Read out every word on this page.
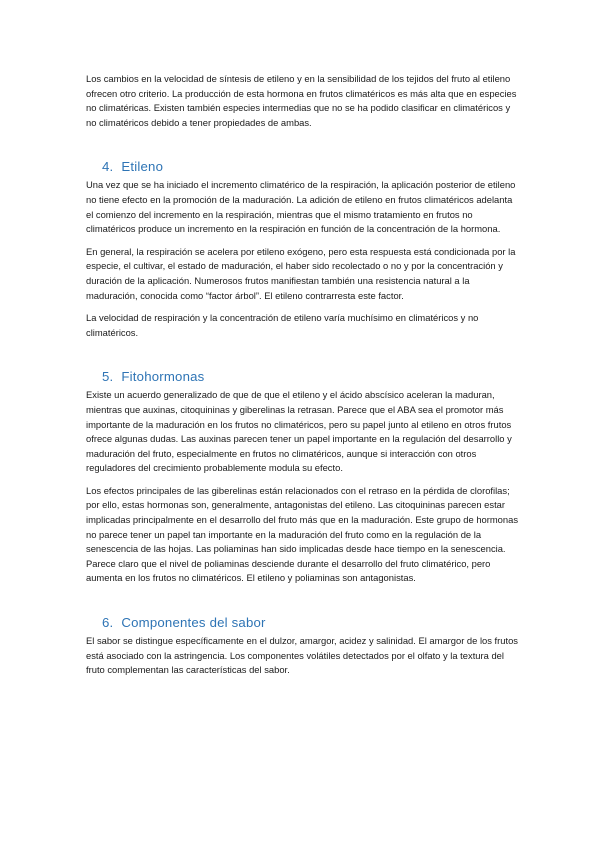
Los cambios en la velocidad de síntesis de etileno y en la sensibilidad de los tejidos del fruto al etileno ofrecen otro criterio. La producción de esta hormona en frutos climatéricos es más alta que en especies no climatéricas. Existen también especies intermedias que no se ha podido clasificar en climatéricos y no climatéricos debido a tener propiedades de ambas.

4. Etileno

Una vez que se ha iniciado el incremento climatérico de la respiración, la aplicación posterior de etileno no tiene efecto en la promoción de la maduración. La adición de etileno en frutos climatéricos adelanta el comienzo del incremento en la respiración, mientras que el mismo tratamiento en frutos no climatéricos produce un incremento en la respiración en función de la concentración de la hormona.

En general, la respiración se acelera por etileno exógeno, pero esta respuesta está condicionada por la especie, el cultivar, el estado de maduración, el haber sido recolectado o no y por la concentración y duración de la aplicación. Numerosos frutos manifiestan también una resistencia natural a la maduración, conocida como “factor árbol”. El etileno contrarresta este factor.

La velocidad de respiración y la concentración de etileno varía muchísimo en climatéricos y no climatéricos.

5. Fitohormonas

Existe un acuerdo generalizado de que de que el etileno y el ácido abscísico aceleran la maduran, mientras que auxinas, citoquininas y giberelinas la retrasan. Parece que el ABA sea el promotor más importante de la maduración en los frutos no climatéricos, pero su papel junto al etileno en otros frutos ofrece algunas dudas. Las auxinas parecen tener un papel importante en la regulación del desarrollo y maduración del fruto, especialmente en frutos no climatéricos, aunque si interacción con otros reguladores del crecimiento probablemente modula su efecto.

Los efectos principales de las giberelinas están relacionados con el retraso en la pérdida de clorofilas; por ello, estas hormonas son, generalmente, antagonistas del etileno. Las citoquininas parecen estar implicadas principalmente en el desarrollo del fruto más que en la maduración. Este grupo de hormonas no parece tener un papel tan importante en la maduración del fruto como en la regulación de la senescencia de las hojas. Las poliaminas han sido implicadas desde hace tiempo en la senescencia. Parece claro que el nivel de poliaminas desciende durante el desarrollo del fruto climatérico, pero aumenta en los frutos no climatéricos. El etileno y poliaminas son antagonistas.

6. Componentes del sabor

El sabor se distingue específicamente en el dulzor, amargor, acidez y salinidad. El amargor de los frutos está asociado con la astringencia. Los componentes volátiles detectados por el olfato y la textura del fruto complementan las características del sabor.
